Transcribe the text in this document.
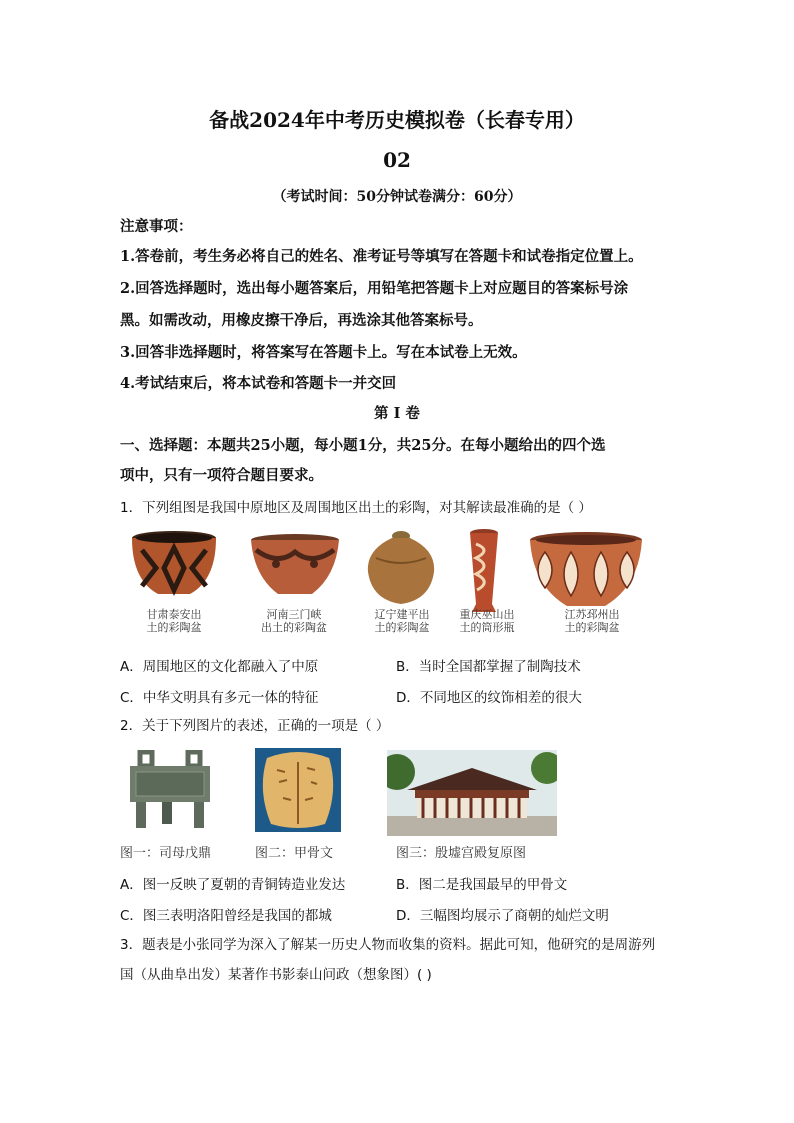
备战2024年中考历史模拟卷（长春专用）
02
（考试时间：50分钟试卷满分：60分）
注意事项：
1.答卷前，考生务必将自己的姓名、准考证号等填写在答题卡和试卷指定位置上。
2.回答选择题时，选出每小题答案后，用铅笔把答题卡上对应题目的答案标号涂
黑。如需改动，用橡皮擦干净后，再选涂其他答案标号。
3.回答非选择题时，将答案写在答题卡上。写在本试卷上无效。
4.考试结束后，将本试卷和答题卡一并交回
第 I 卷
一、选择题：本题共25小题，每小题1分，共25分。在每小题给出的四个选
项中，只有一项符合题目要求。
1．下列组图是我国中原地区及周围地区出土的彩陶，对其解读最准确的是（ ）
甘肃泰安出
土的彩陶盆
河南三门峡
出土的彩陶盆
辽宁建平出
土的彩陶盆
重庆巫山出
土的筒形瓶
江苏邳州出
土的彩陶盆
A．周围地区的文化都融入了中原	B．当时全国都掌握了制陶技术
C．中华文明具有多元一体的特征	D．不同地区的纹饰相差的很大
2．关于下列图片的表述，正确的一项是（ ）
图一：司母戊鼎	图二：甲骨文	图三：殷墟宫殿复原图
A．图一反映了夏朝的青铜铸造业发达	B．图二是我国最早的甲骨文
C．图三表明洛阳曾经是我国的都城	D．三幅图均展示了商朝的灿烂文明
3．题表是小张同学为深入了解某一历史人物而收集的资料。据此可知，他研究的是周游列
国（从曲阜出发）某著作书影泰山问政（想象图）( )
